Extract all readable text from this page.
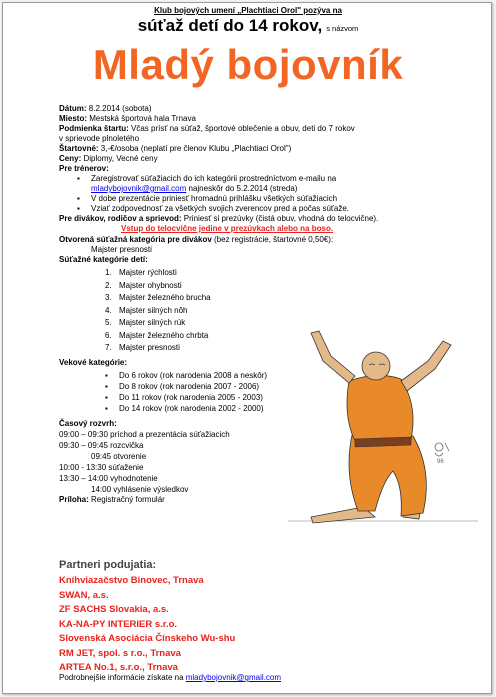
Klub bojových umení „Plachtiaci Orol" pozýva na
súťaž detí do 14 rokov, s názvom
Mladý bojovník
Dátum: 8.2.2014 (sobota)
Miesto: Mestská športová hala Trnava
Podmienka štartu: Včas prísť na súťaž, športové oblečenie a obuv, deti do 7 rokov
v sprievode plnoletého
Štartovné: 3,-€/osoba (neplatí pre členov Klubu „Plachtiaci Orol")
Ceny: Diplomy, Vecné ceny
Pre trénerov:
▪ Zaregistrovať súťažiacich do ich kategórii prostredníctvom e-mailu na
mladybojovnik@gmail.com najneskôr do 5.2.2014 (streda)
▪ V dobe prezentácie priniesť hromadnú prihlášku všetkých súťažiacich
▪ Vziať zodpovednosť za všetkých svojich zverencov pred a počas súťaže.
Pre divákov, rodičov a sprievod: Priniesť si prezúvky (čistá obuv, vhodná do telocvične).
Vstup do telocvične jedine v prezúvkach alebo na boso.
Otvorená súťažná kategória pre divákov (bez registrácie, štartovné 0,50€):
Majster presnosti
Súťažné kategórie detí:
1. Majster rýchlosti
2. Majster ohybnosti
3. Majster železného brucha
4. Majster silných nôh
5. Majster silných rúk
6. Majster železného chrbta
7. Majster presnosti
Vekové kategórie:
▪ Do 6 rokov (rok narodenia 2008 a neskôr)
▪ Do 8 rokov (rok narodenia 2007 - 2006)
▪ Do 11 rokov (rok narodenia 2005 - 2003)
▪ Do 14 rokov (rok narodenia 2002 - 2000)
Časový rozvrh:
09:00 – 09:30 príchod a prezentácia súťažiacich
09:30 – 09:45 rozcvička
09:45 otvorenie
10:00 - 13:30 súťaženie
13:30 – 14:00 vyhodnotenie
14:00 vyhlásenie výsledkov
Príloha: Registračný formulár
96
Partneri podujatia:
Kníhviazačstvo Binovec, Trnava
SWAN, a.s.
ZF SACHS Slovakia, a.s.
KA-NA-PY INTERIER s.r.o.
Slovenská Asociácia Čínskeho Wu-shu
RM JET, spol. s r.o., Trnava
ARTEA No.1, s.r.o., Trnava
Podrobnejšie informácie získate na mladybojovnik@gmail.com
